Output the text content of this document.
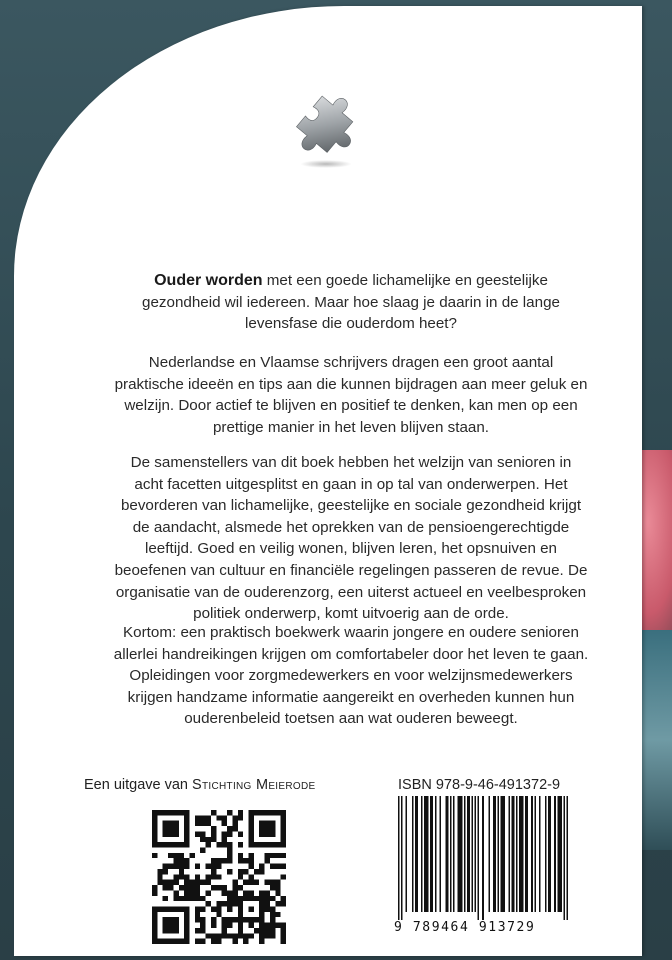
Ouder worden met een goede lichamelijke en geestelijke
gezondheid wil iedereen. Maar hoe slaag je daarin in de lange
levensfase die ouderdom heet?
Nederlandse en Vlaamse schrijvers dragen een groot aantal
praktische ideeën en tips aan die kunnen bijdragen aan meer geluk en
welzijn. Door actief te blijven en positief te denken, kan men op een
prettige manier in het leven blijven staan.
De samenstellers van dit boek hebben het welzijn van senioren in
acht facetten uitgesplitst en gaan in op tal van onderwerpen. Het
bevorderen van lichamelijke, geestelijke en sociale gezondheid krijgt
de aandacht, alsmede het oprekken van de pensioengerechtigde
leeftijd. Goed en veilig wonen, blijven leren, het opsnuiven en
beoefenen van cultuur en financiële regelingen passeren de revue. De
organisatie van de ouderenzorg, een uiterst actueel en veelbesproken
politiek onderwerp, komt uitvoerig aan de orde.
Kortom: een praktisch boekwerk waarin jongere en oudere senioren
allerlei handreikingen krijgen om comfortabeler door het leven te gaan.
Opleidingen voor zorgmedewerkers en voor welzijnsmedewerkers
krijgen handzame informatie aangereikt en overheden kunnen hun
ouderenbeleid toetsen aan wat ouderen beweegt.
Een uitgave van Stichting Meierode	ISBN 978-9-46-491372-9
9 789464 913729
